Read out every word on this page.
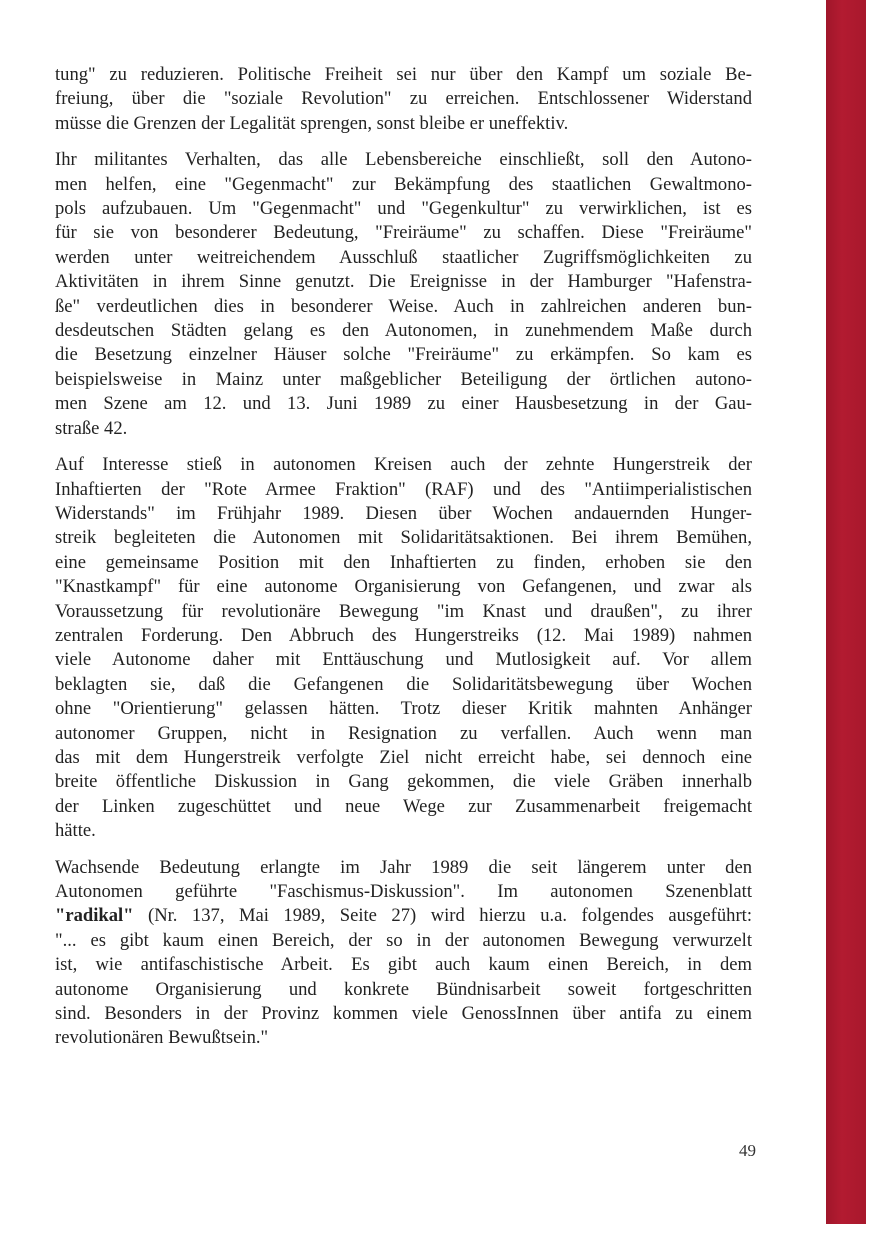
tung" zu reduzieren. Politische Freiheit sei nur über den Kampf um soziale Be-
freiung, über die "soziale Revolution" zu erreichen. Entschlossener Widerstand
müsse die Grenzen der Legalität sprengen, sonst bleibe er uneffektiv.

Ihr militantes Verhalten, das alle Lebensbereiche einschließt, soll den Autono-
men helfen, eine "Gegenmacht" zur Bekämpfung des staatlichen Gewaltmono-
pols aufzubauen. Um "Gegenmacht" und "Gegenkultur" zu verwirklichen, ist es
für sie von besonderer Bedeutung, "Freiräume" zu schaffen. Diese "Freiräume"
werden unter weitreichendem Ausschluß staatlicher Zugriffsmöglichkeiten zu
Aktivitäten in ihrem Sinne genutzt. Die Ereignisse in der Hamburger "Hafenstra-
ße" verdeutlichen dies in besonderer Weise. Auch in zahlreichen anderen bun-
desdeutschen Städten gelang es den Autonomen, in zunehmendem Maße durch
die Besetzung einzelner Häuser solche "Freiräume" zu erkämpfen. So kam es
beispielsweise in Mainz unter maßgeblicher Beteiligung der örtlichen autono-
men Szene am 12. und 13. Juni 1989 zu einer Hausbesetzung in der Gau-
straße 42.

Auf Interesse stieß in autonomen Kreisen auch der zehnte Hungerstreik der
Inhaftierten der "Rote Armee Fraktion" (RAF) und des "Antiimperialistischen
Widerstands" im Frühjahr 1989. Diesen über Wochen andauernden Hunger-
streik begleiteten die Autonomen mit Solidaritätsaktionen. Bei ihrem Bemühen,
eine gemeinsame Position mit den Inhaftierten zu finden, erhoben sie den
"Knastkampf" für eine autonome Organisierung von Gefangenen, und zwar als
Voraussetzung für revolutionäre Bewegung "im Knast und draußen", zu ihrer
zentralen Forderung. Den Abbruch des Hungerstreiks (12. Mai 1989) nahmen
viele Autonome daher mit Enttäuschung und Mutlosigkeit auf. Vor allem
beklagten sie, daß die Gefangenen die Solidaritätsbewegung über Wochen
ohne "Orientierung" gelassen hätten. Trotz dieser Kritik mahnten Anhänger
autonomer Gruppen, nicht in Resignation zu verfallen. Auch wenn man
das mit dem Hungerstreik verfolgte Ziel nicht erreicht habe, sei dennoch eine
breite öffentliche Diskussion in Gang gekommen, die viele Gräben innerhalb
der Linken zugeschüttet und neue Wege zur Zusammenarbeit freigemacht
hätte.

Wachsende Bedeutung erlangte im Jahr 1989 die seit längerem unter den
Autonomen geführte "Faschismus-Diskussion". Im autonomen Szenenblatt
"radikal" (Nr. 137, Mai 1989, Seite 27) wird hierzu u.a. folgendes ausgeführt:
"... es gibt kaum einen Bereich, der so in der autonomen Bewegung verwurzelt
ist, wie antifaschistische Arbeit. Es gibt auch kaum einen Bereich, in dem
autonome Organisierung und konkrete Bündnisarbeit soweit fortgeschritten
sind. Besonders in der Provinz kommen viele GenossInnen über antifa zu einem
revolutionären Bewußtsein."

49
